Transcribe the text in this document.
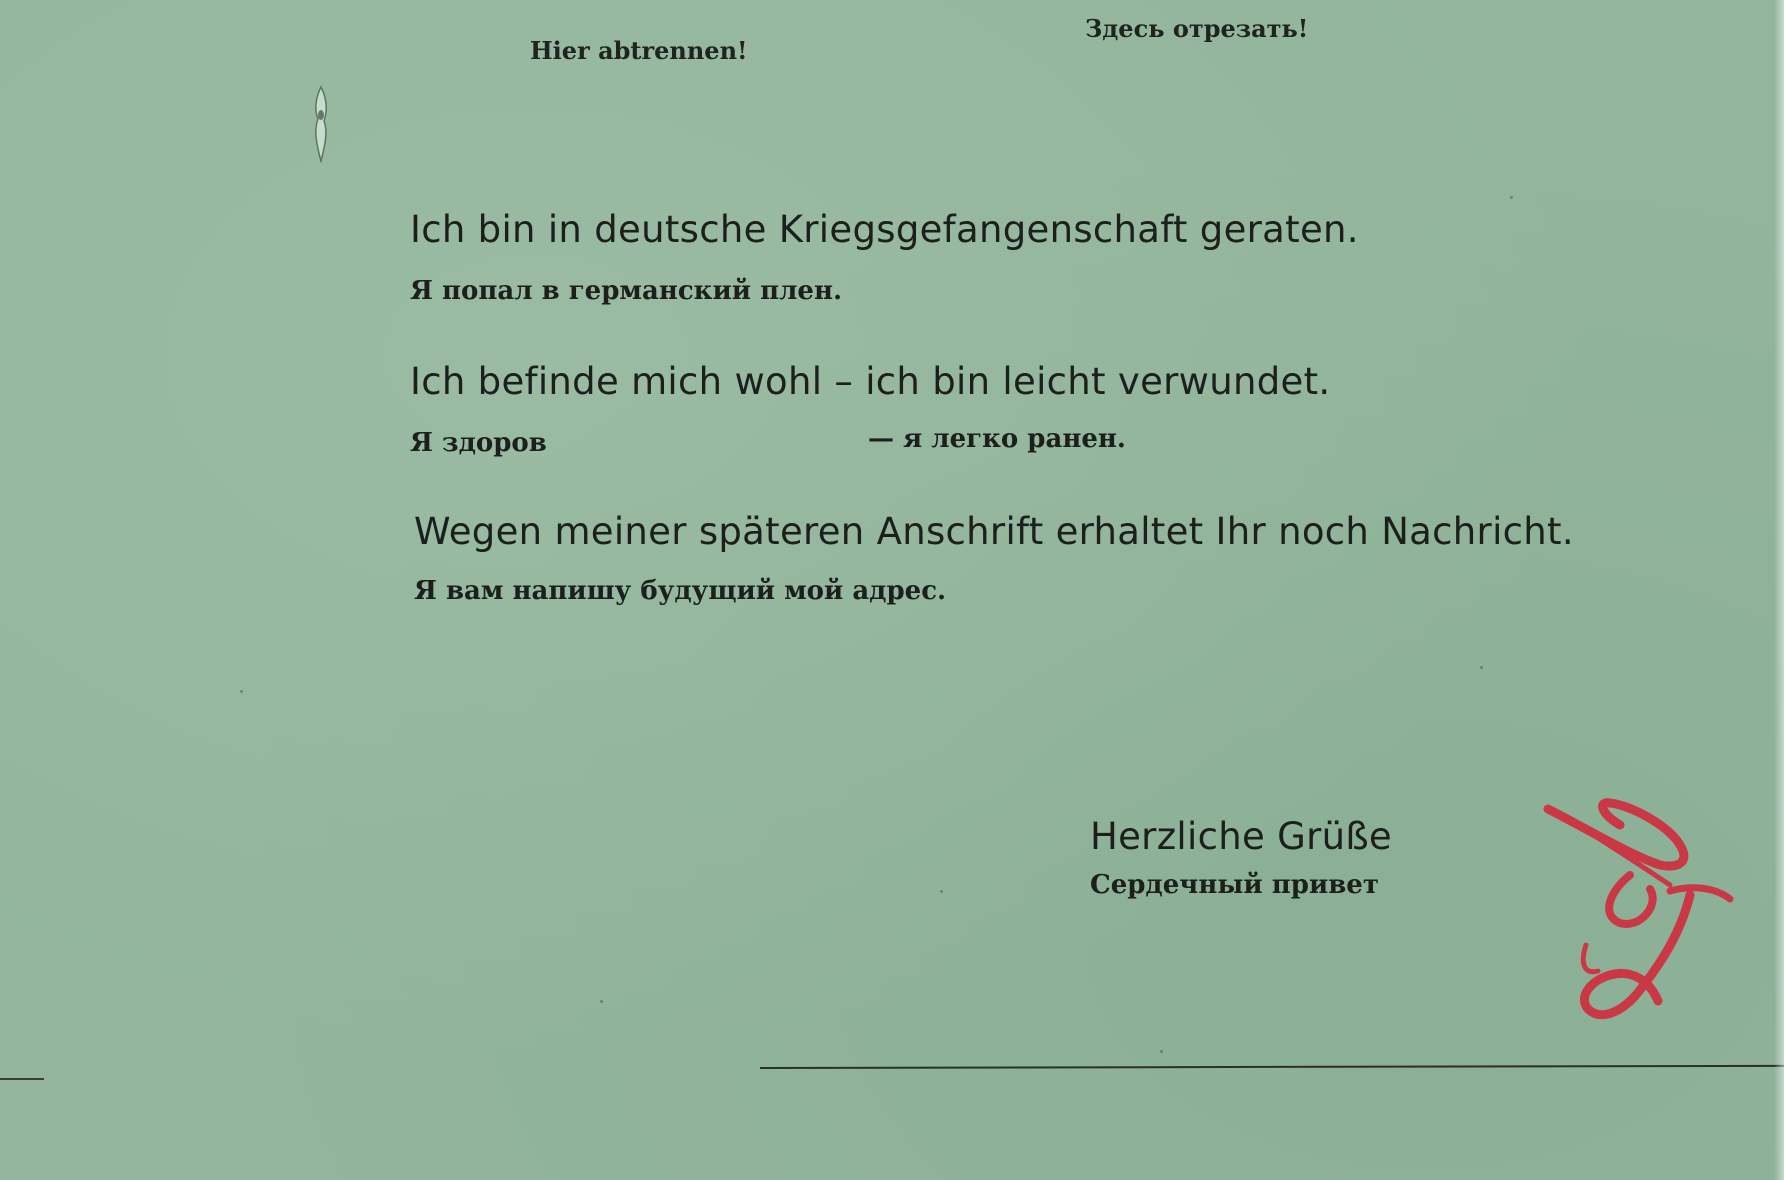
Hier abtrennen!
Здесь отрезать!
Ich bin in deutsche Kriegsgefangenschaft geraten.
Я попал в германский плен.
Ich befinde mich wohl – ich bin leicht verwundet.
Я здоров	— я легко ранен.
Wegen meiner späteren Anschrift erhaltet Ihr noch Nachricht.
Я вам напишу будущий мой адрес.
Herzliche Grüße
Сердечный привет
